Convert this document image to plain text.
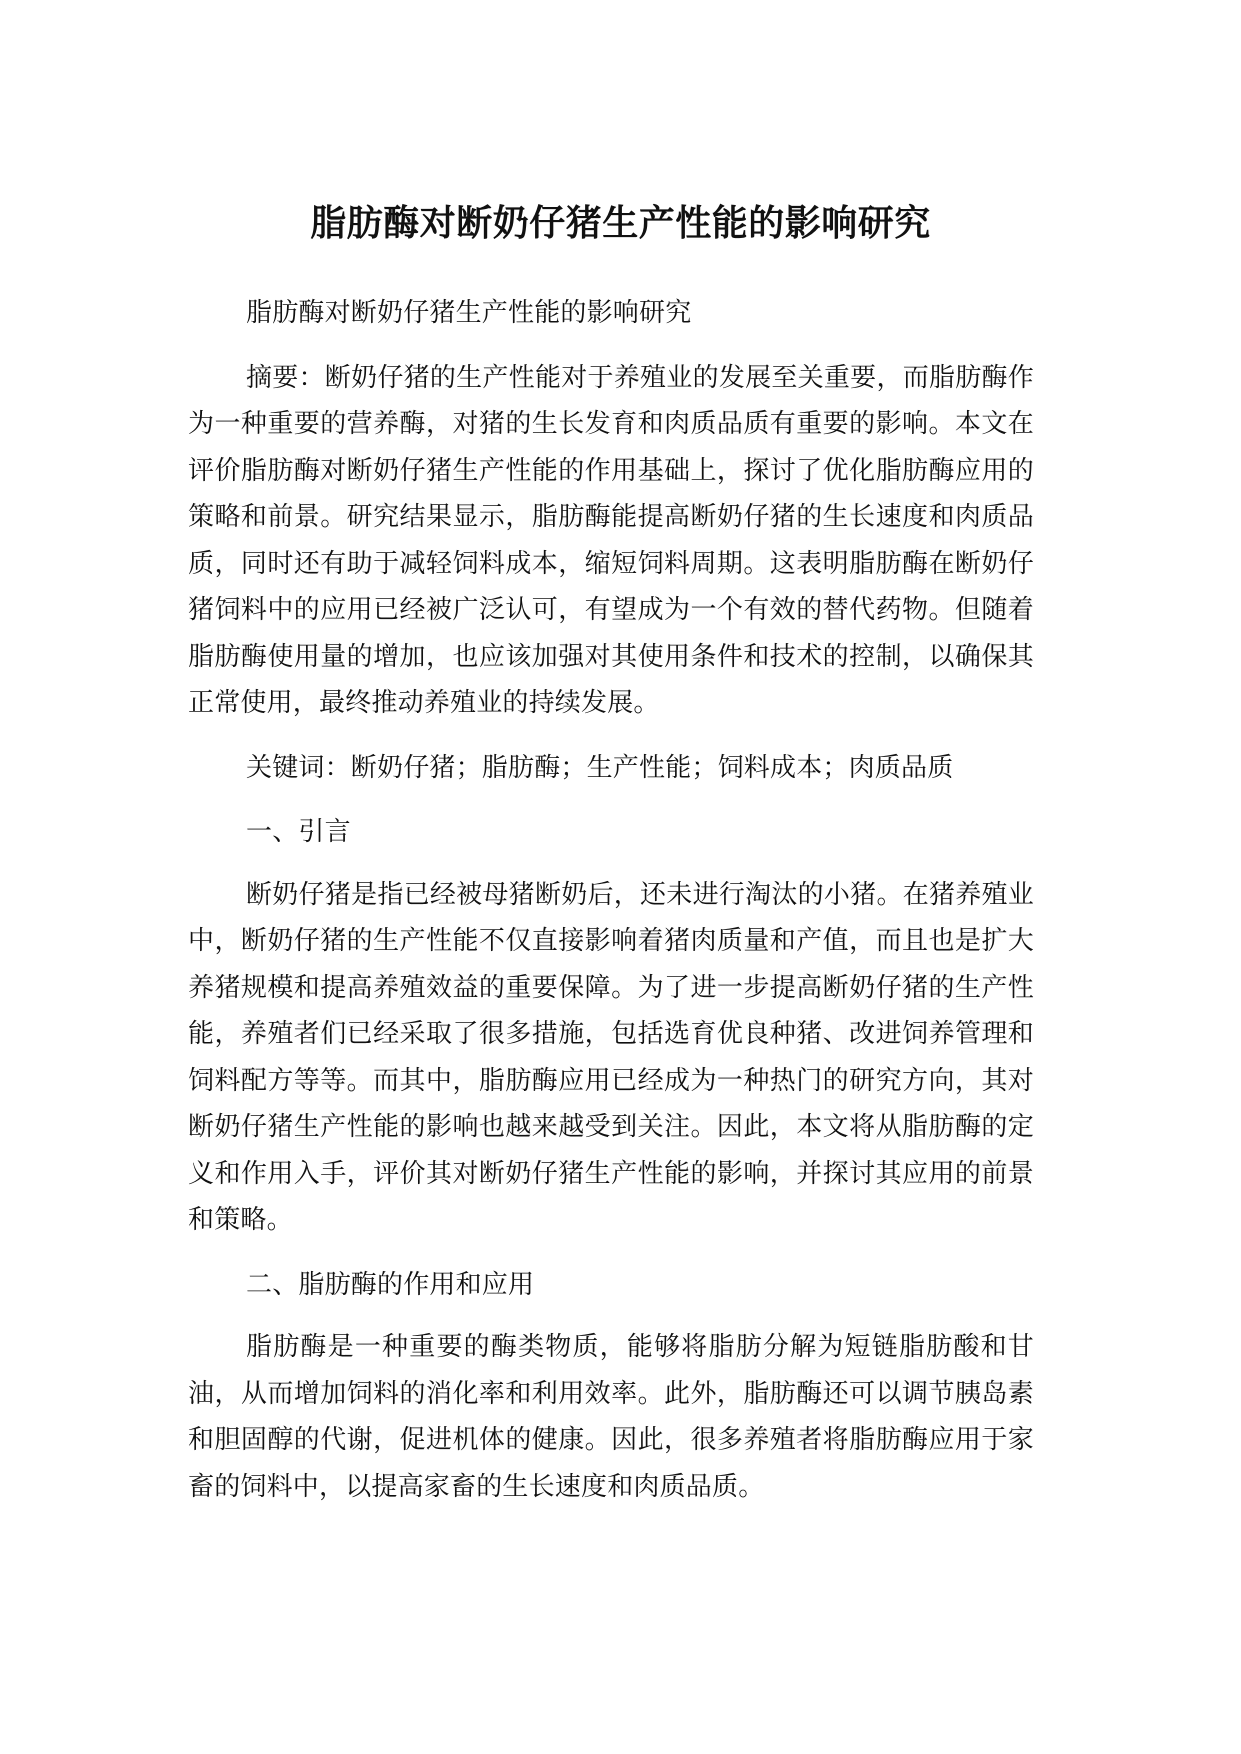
脂肪酶对断奶仔猪生产性能的影响研究

脂肪酶对断奶仔猪生产性能的影响研究

摘要：断奶仔猪的生产性能对于养殖业的发展至关重要，而脂肪酶作为一种重要的营养酶，对猪的生长发育和肉质品质有重要的影响。本文在评价脂肪酶对断奶仔猪生产性能的作用基础上，探讨了优化脂肪酶应用的策略和前景。研究结果显示，脂肪酶能提高断奶仔猪的生长速度和肉质品质，同时还有助于减轻饲料成本，缩短饲料周期。这表明脂肪酶在断奶仔猪饲料中的应用已经被广泛认可，有望成为一个有效的替代药物。但随着脂肪酶使用量的增加，也应该加强对其使用条件和技术的控制，以确保其正常使用，最终推动养殖业的持续发展。

关键词：断奶仔猪；脂肪酶；生产性能；饲料成本；肉质品质

一、引言

断奶仔猪是指已经被母猪断奶后，还未进行淘汰的小猪。在猪养殖业中，断奶仔猪的生产性能不仅直接影响着猪肉质量和产值，而且也是扩大养猪规模和提高养殖效益的重要保障。为了进一步提高断奶仔猪的生产性能，养殖者们已经采取了很多措施，包括选育优良种猪、改进饲养管理和饲料配方等等。而其中，脂肪酶应用已经成为一种热门的研究方向，其对断奶仔猪生产性能的影响也越来越受到关注。因此，本文将从脂肪酶的定义和作用入手，评价其对断奶仔猪生产性能的影响，并探讨其应用的前景和策略。

二、脂肪酶的作用和应用

脂肪酶是一种重要的酶类物质，能够将脂肪分解为短链脂肪酸和甘油，从而增加饲料的消化率和利用效率。此外，脂肪酶还可以调节胰岛素和胆固醇的代谢，促进机体的健康。因此，很多养殖者将脂肪酶应用于家畜的饲料中，以提高家畜的生长速度和肉质品质。
